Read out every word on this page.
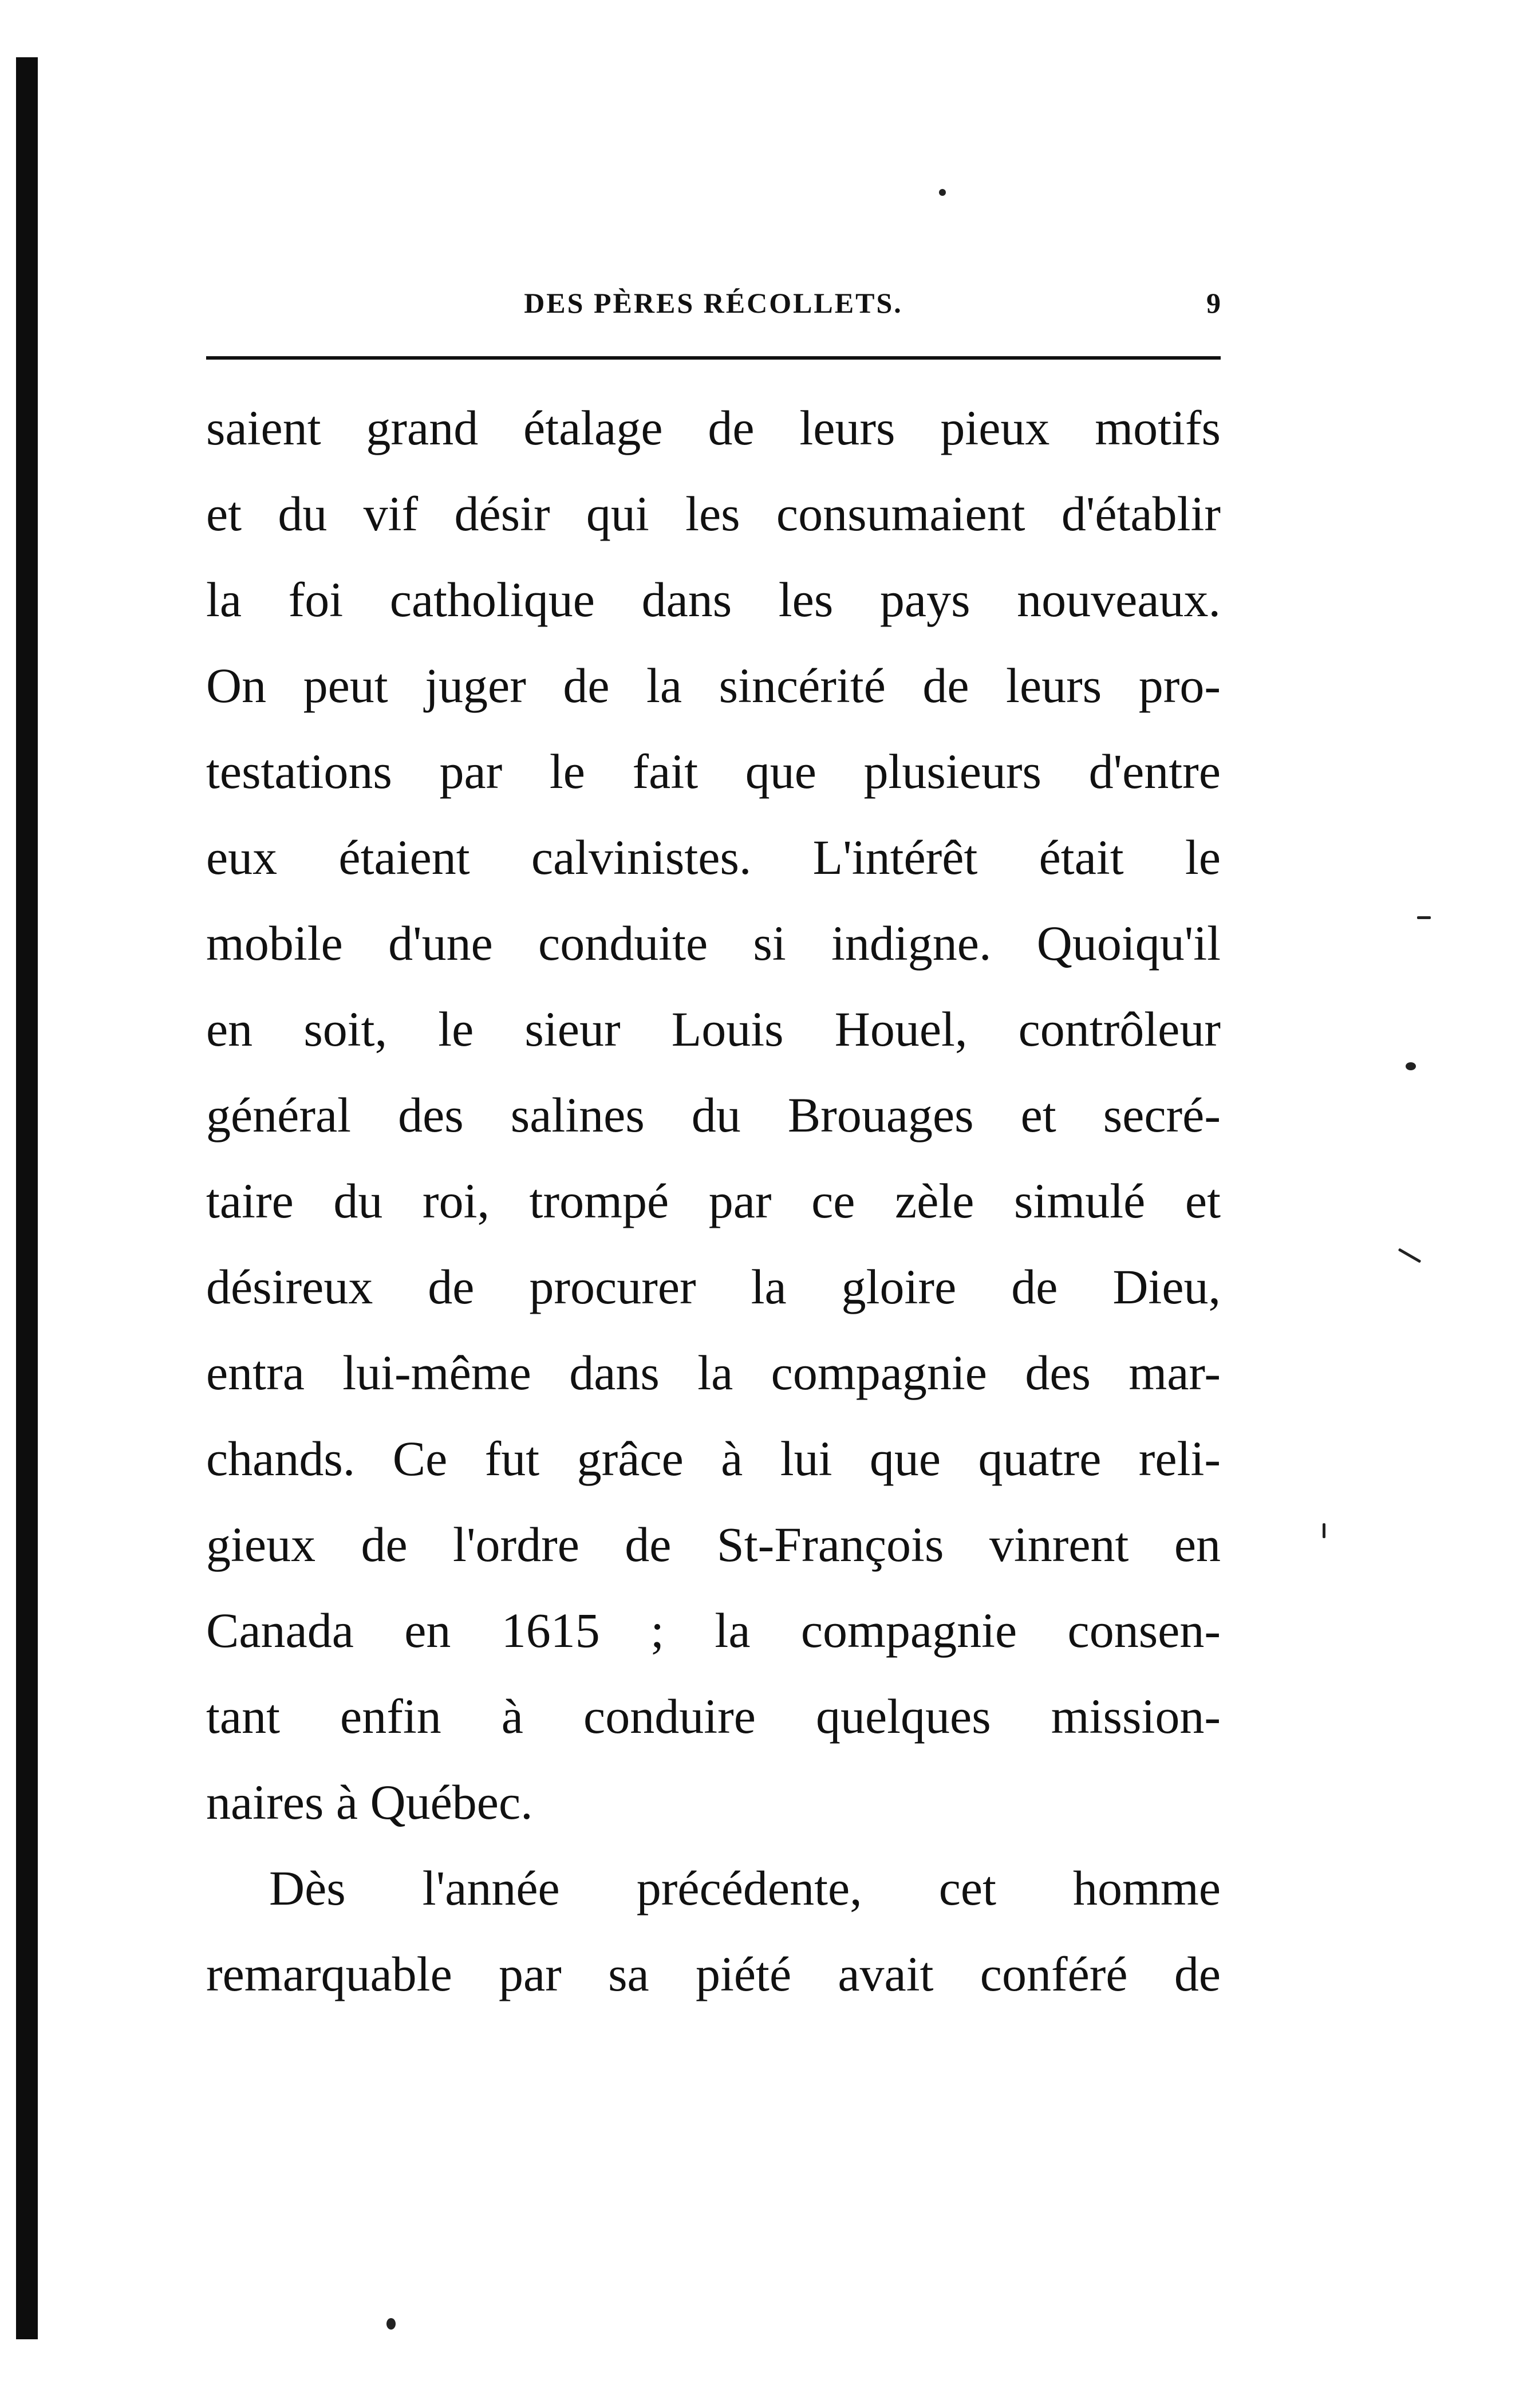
DES PÈRES RÉCOLLETS.	9
saient grand étalage de leurs pieux motifs
et du vif désir qui les consumaient d'établir
la foi catholique dans les pays nouveaux.
On peut juger de la sincérité de leurs pro-
testations par le fait que plusieurs d'entre
eux étaient calvinistes. L'intérêt était le
mobile d'une conduite si indigne. Quoiqu'il
en soit, le sieur Louis Houel, contrôleur
général des salines du Brouages et secré-
taire du roi, trompé par ce zèle simulé et
désireux de procurer la gloire de Dieu,
entra lui-même dans la compagnie des mar-
chands. Ce fut grâce à lui que quatre reli-
gieux de l'ordre de St-François vinrent en
Canada en 1615 ; la compagnie consen-
tant enfin à conduire quelques mission-
naires à Québec.
Dès l'année précédente, cet homme
remarquable par sa piété avait conféré de
